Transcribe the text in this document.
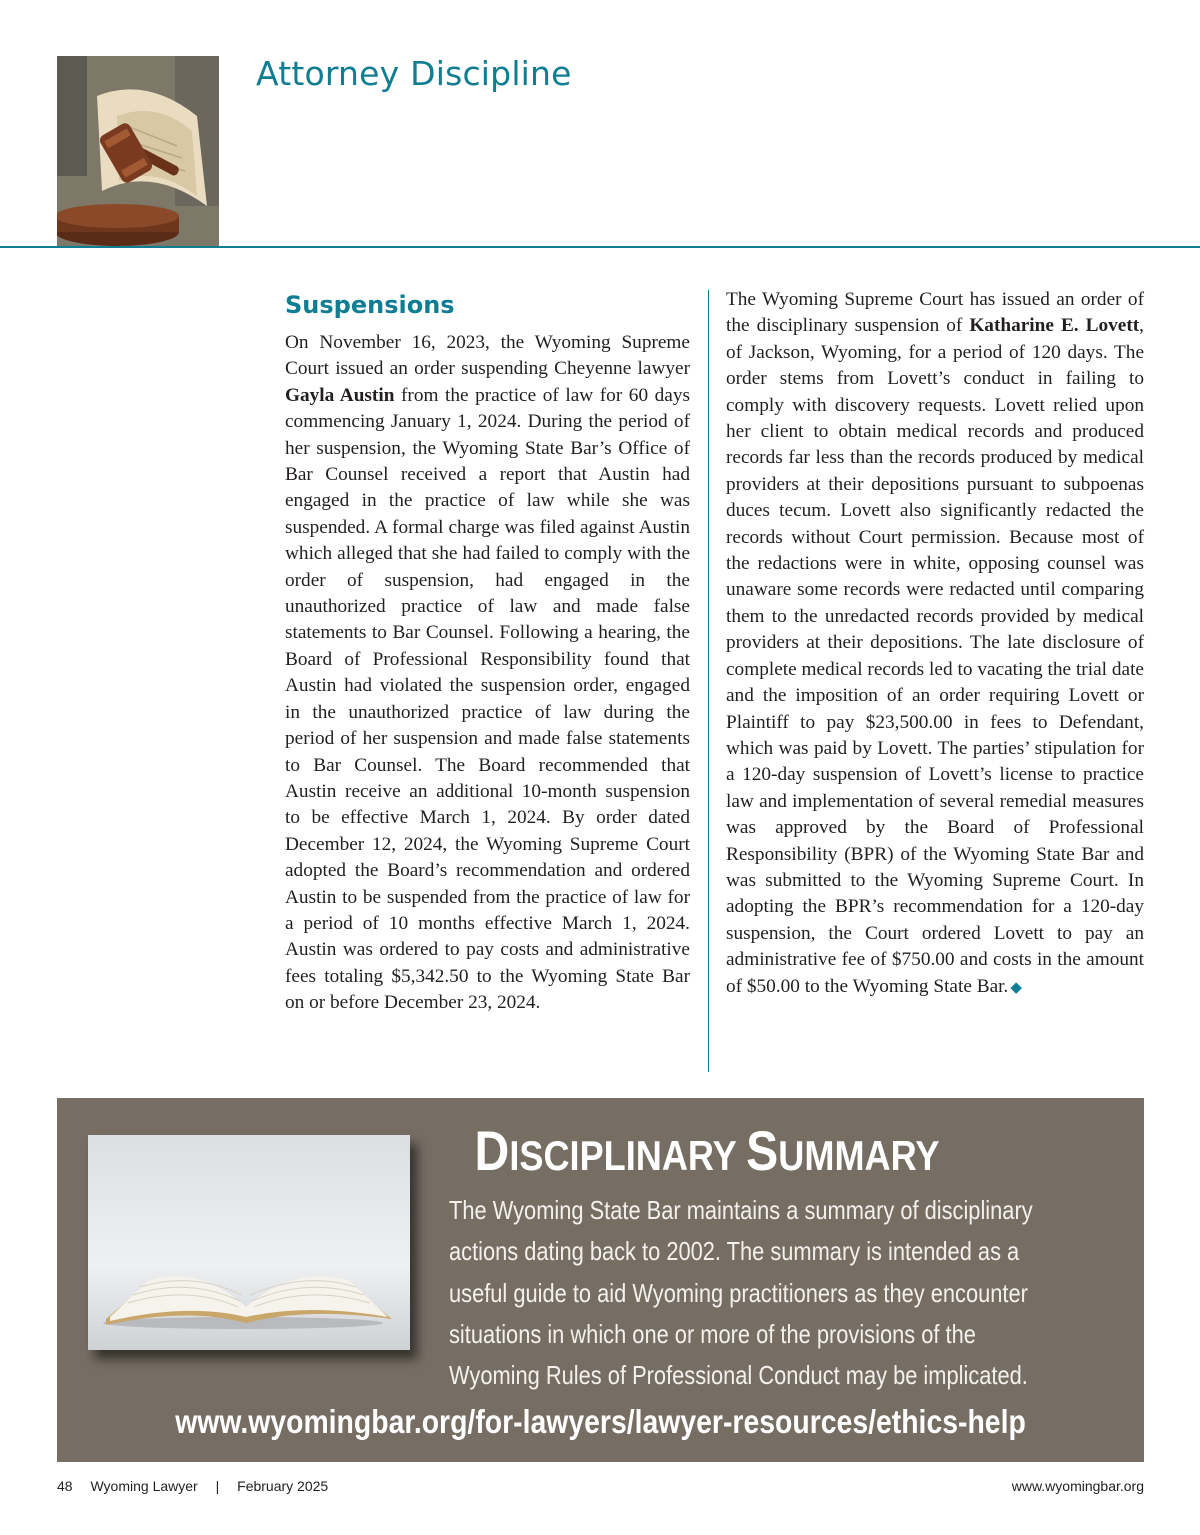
Attorney Discipline
Suspensions

On November 16, 2023, the Wyoming Supreme Court issued an order suspending Cheyenne lawyer Gayla Austin from the practice of law for 60 days commencing January 1, 2024. During the period of her suspension, the Wyoming State Bar’s Office of Bar Counsel received a report that Austin had engaged in the practice of law while she was suspended. A formal charge was filed against Austin which alleged that she had failed to comply with the order of suspension, had engaged in the unauthorized practice of law and made false statements to Bar Counsel. Following a hearing, the Board of Professional Responsibility found that Austin had violated the suspension order, engaged in the unauthorized practice of law during the period of her suspension and made false statements to Bar Counsel. The Board recommended that Austin receive an additional 10-month suspension to be effective March 1, 2024. By order dated December 12, 2024, the Wyoming Supreme Court adopted the Board’s recommendation and ordered Austin to be suspended from the practice of law for a period of 10 months effective March 1, 2024. Austin was ordered to pay costs and administrative fees totaling $5,342.50 to the Wyoming State Bar on or before December 23, 2024.

The Wyoming Supreme Court has issued an order of the disciplinary suspension of Katharine E. Lovett, of Jackson, Wyoming, for a period of 120 days. The order stems from Lovett’s conduct in failing to comply with discovery requests. Lovett relied upon her client to obtain medical records and produced records far less than the records produced by medical providers at their depositions pursuant to subpoenas duces tecum. Lovett also significantly redacted the records without Court permission. Because most of the redactions were in white, opposing counsel was unaware some records were redacted until comparing them to the unredacted records provided by medical providers at their depositions. The late disclosure of complete medical records led to vacating the trial date and the imposition of an order requiring Lovett or Plaintiff to pay $23,500.00 in fees to Defendant, which was paid by Lovett. The parties’ stipulation for a 120-day suspension of Lovett’s license to practice law and implementation of several remedial measures was approved by the Board of Professional Responsibility (BPR) of the Wyoming State Bar and was submitted to the Wyoming Supreme Court. In adopting the BPR’s recommendation for a 120-day suspension, the Court ordered Lovett to pay an administrative fee of $750.00 and costs in the amount of $50.00 to the Wyoming State Bar. ◆

DISCIPLINARY SUMMARY

The Wyoming State Bar maintains a summary of disciplinary actions dating back to 2002. The summary is intended as a useful guide to aid Wyoming practitioners as they encounter situations in which one or more of the provisions of the Wyoming Rules of Professional Conduct may be implicated.

www.wyomingbar.org/for-lawyers/lawyer-resources/ethics-help
48 Wyoming Lawyer | February 2025	www.wyomingbar.org
